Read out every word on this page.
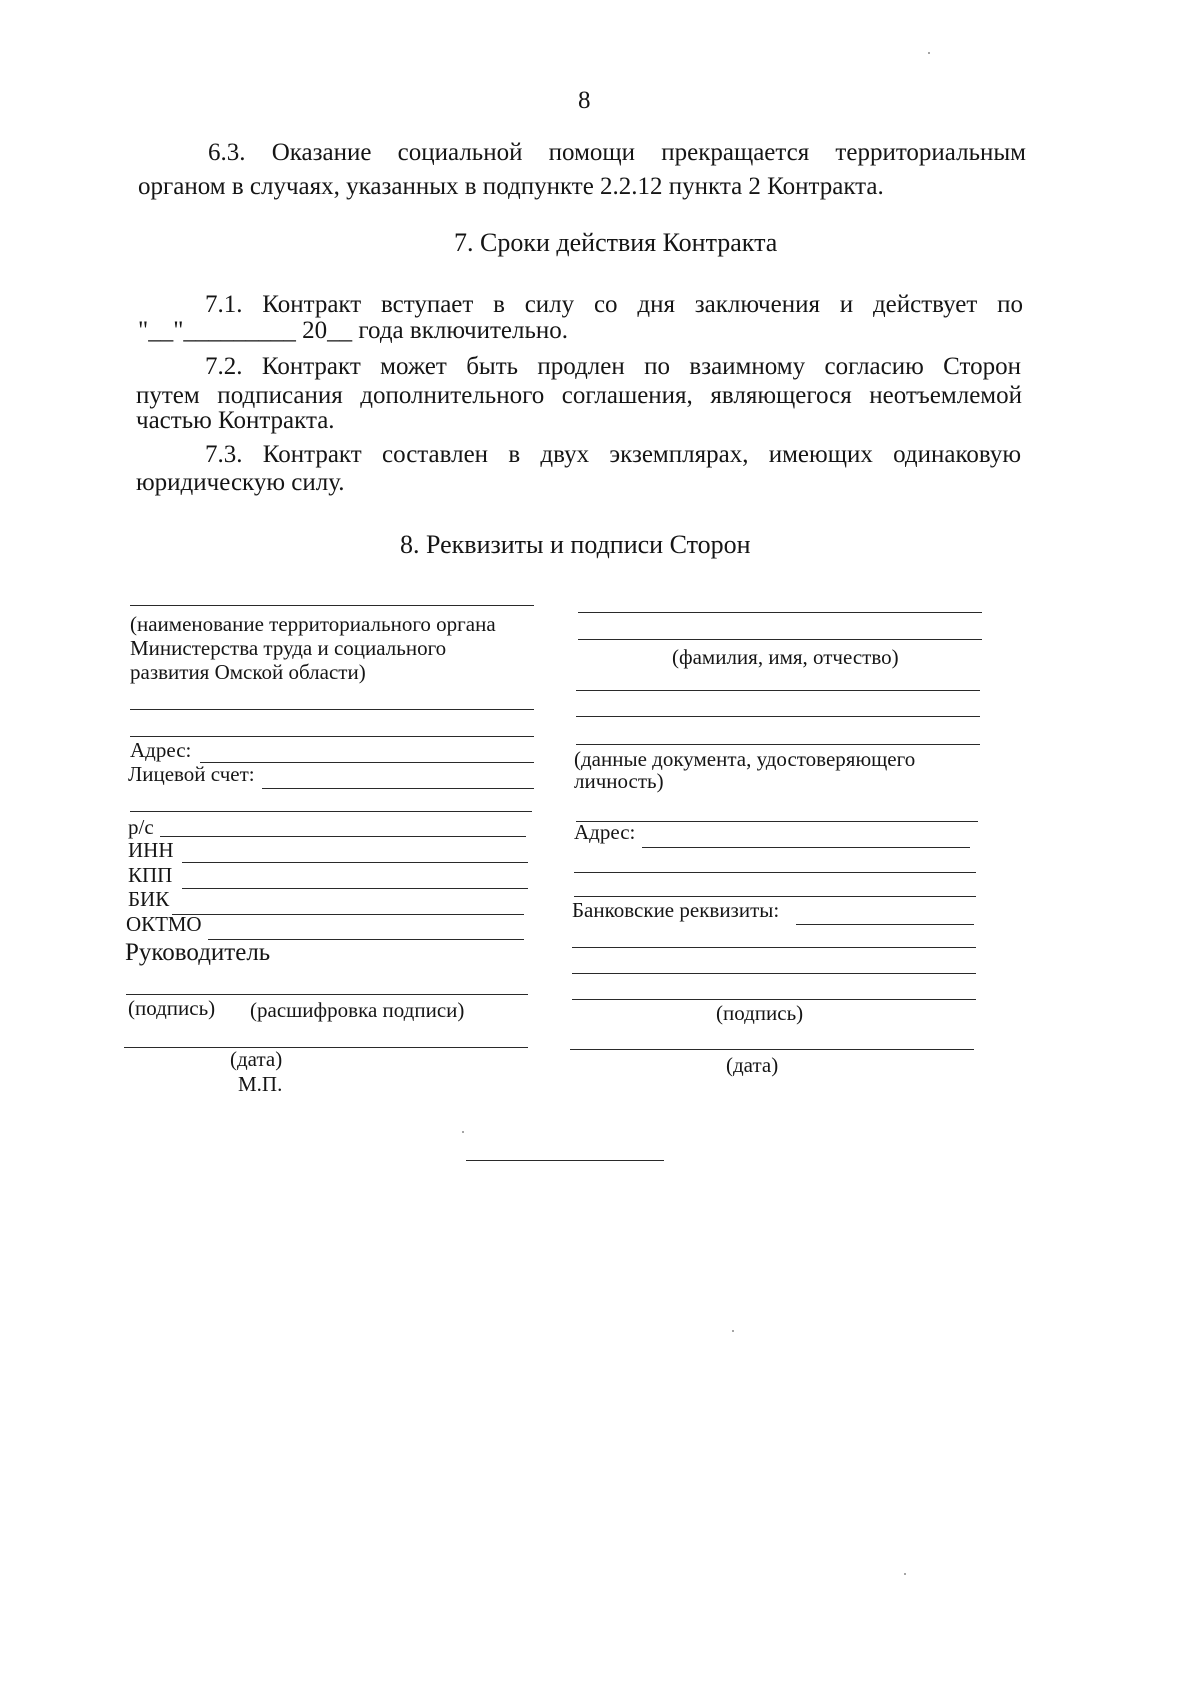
8
6.3. Оказание социальной помощи прекращается территориальным
органом в случаях, указанных в подпункте 2.2.12 пункта 2 Контракта.
7. Сроки действия Контракта
7.1. Контракт вступает в силу со дня заключения и действует по
"__"_________ 20__ года включительно.
7.2. Контракт может быть продлен по взаимному согласию Сторон
путем подписания дополнительного соглашения, являющегося неотъемлемой
частью Контракта.
7.3. Контракт составлен в двух экземплярах, имеющих одинаковую
юридическую силу.
8. Реквизиты и подписи Сторон
(наименование территориального органа
Министерства труда и социального
развития Омской области)
Адрес:
Лицевой счет:
р/с
ИНН
КПП
БИК
ОКТМО
Руководитель
(подпись) (расшифровка подписи)
(дата)
М.П.
(фамилия, имя, отчество)
(данные документа, удостоверяющего
личность)
Адрес:
Банковские реквизиты:
(подпись)
(дата)
